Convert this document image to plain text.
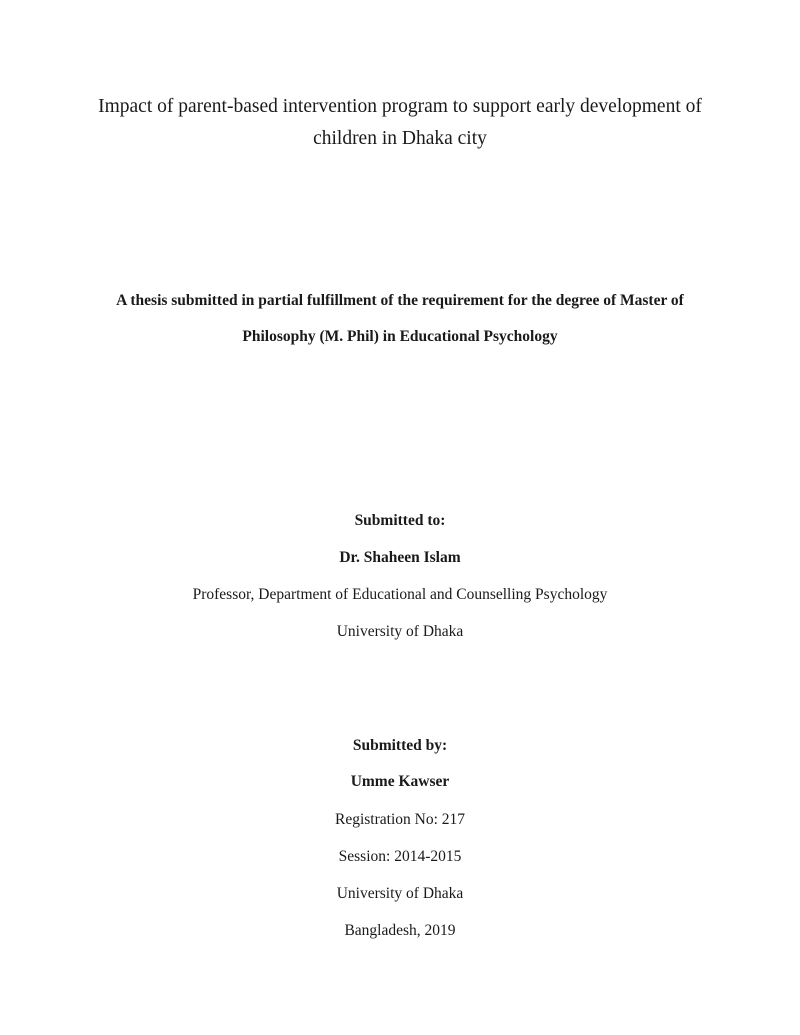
Impact of parent-based intervention program to support early development of
children in Dhaka city
A thesis submitted in partial fulfillment of the requirement for the degree of Master of
Philosophy (M. Phil) in Educational Psychology
Submitted to:
Dr. Shaheen Islam
Professor, Department of Educational and Counselling Psychology
University of Dhaka
Submitted by:
Umme Kawser
Registration No: 217
Session: 2014-2015
University of Dhaka
Bangladesh, 2019
